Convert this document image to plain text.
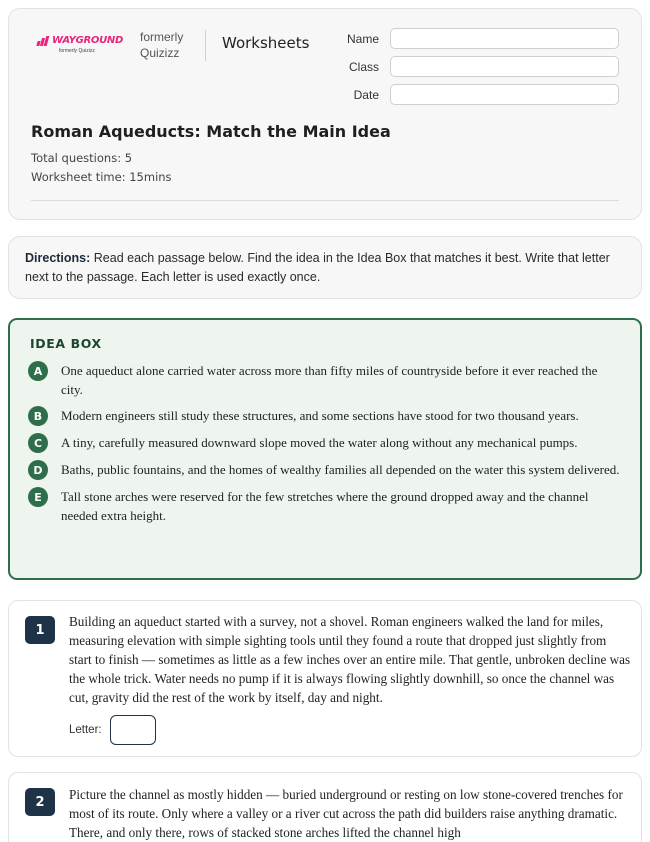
WAYGROUND
formerly Quizizz
formerly Quizizz
Worksheets	Name
Class
Date
Roman Aqueducts: Match the Main Idea
Total questions: 5
Worksheet time: 15mins
Directions: Read each passage below. Find the idea in the Idea Box that matches it best. Write that letter next to the passage. Each letter is used exactly once.
IDEA BOX
A	One aqueduct alone carried water across more than fifty miles of countryside before it ever reached the city.
B	Modern engineers still study these structures, and some sections have stood for two thousand years.
C	A tiny, carefully measured downward slope moved the water along without any mechanical pumps.
D	Baths, public fountains, and the homes of wealthy families all depended on the water this system delivered.
E	Tall stone arches were reserved for the few stretches where the ground dropped away and the channel needed extra height.
1
Building an aqueduct started with a survey, not a shovel. Roman engineers walked the land for miles, measuring elevation with simple sighting tools until they found a route that dropped just slightly from start to finish — sometimes as little as a few inches over an entire mile. That gentle, unbroken decline was the whole trick. Water needs no pump if it is always flowing slightly downhill, so once the channel was cut, gravity did the rest of the work by itself, day and night.
Letter:
2	Picture the channel as mostly hidden — buried underground or resting on low stone-covered trenches for most of its route. Only where a valley or a river cut across the path did builders raise anything dramatic. There, and only there, rows of stacked stone arches lifted the channel high
